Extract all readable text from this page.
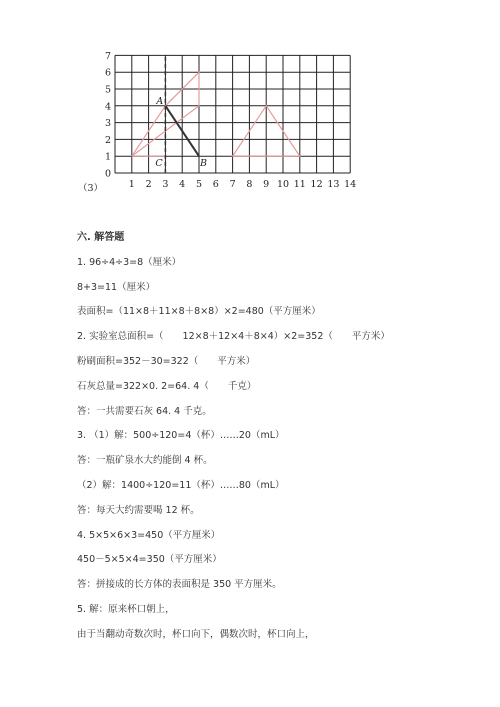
（3）	1 2 3 4 5 6 7 8 9 10 11 12 13 14
0
1
2
3
4
5
6
7
A
B
C
六. 解答题
1. 96÷4÷3=8（厘米）
8+3=11（厘米）
表面积=（11×8＋11×8＋8×8）×2=480（平方厘米）
2. 实验室总面积=（　　12×8＋12×4＋8×4）×2=352（　　平方米）
粉刷面积=352－30=322（　　平方米）
石灰总量=322×0. 2=64. 4（　　千克）
答：一共需要石灰 64. 4 千克。
3. （1）解：500÷120=4（杯）……20（mL）
答：一瓶矿泉水大约能倒 4 杯。
（2）解：1400÷120=11（杯）……80（mL）
答：每天大约需要喝 12 杯。
4. 5×5×6×3=450（平方厘米）
450－5×5×4=350（平方厘米）
答：拼接成的长方体的表面积是 350 平方厘米。
5. 解：原来杯口朝上，
由于当翻动奇数次时，杯口向下，偶数次时，杯口向上，
